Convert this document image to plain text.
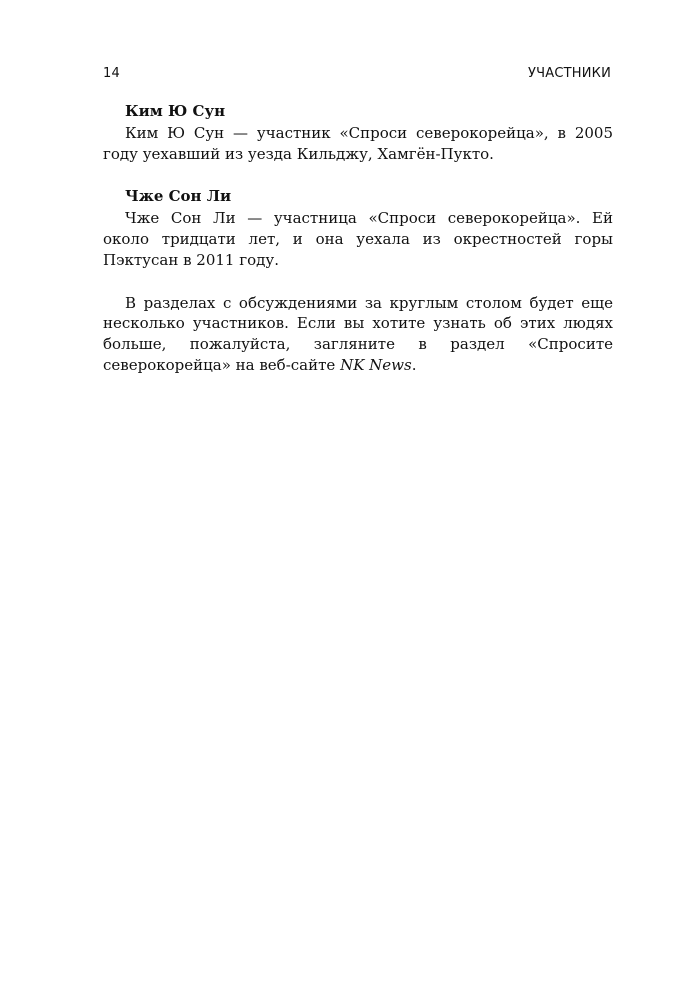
14	УЧАСТНИКИ
Ким Ю Сун

Ким Ю Сун — участник «Спроси северокорейца», в 2005 году уехавший из уезда Кильджу, Хамгён-Пукто.

Чже Сон Ли

Чже Сон Ли — участница «Спроси северокорейца». Ей около тридцати лет, и она уехала из окрестностей горы Пэктусан в 2011 году.

В разделах с обсуждениями за круглым столом будет еще несколько участников. Если вы хотите узнать об этих людях больше, пожалуйста, загляните в раздел «Спросите северокорейца» на веб-сайте NK News.
